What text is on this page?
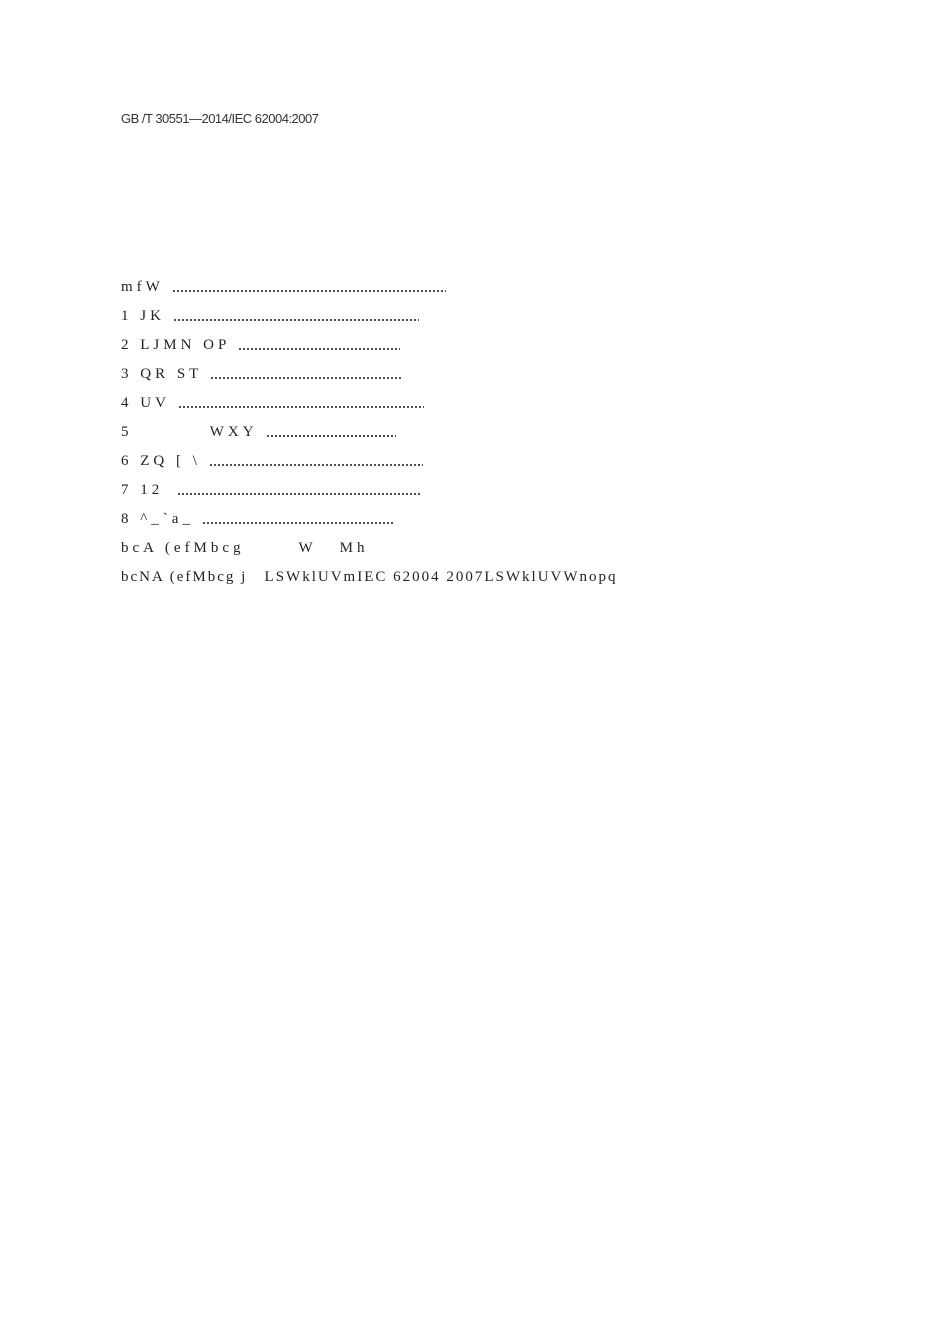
GB /T 30551—2014/IEC 62004:2007
mfW
1 JK
2 LJMN OP
3 QR ST
4 UV
5          WXY
6 ZQ [ \
7 12
8 ^_`a_
bcA (efMbcg       W   Mh
bcNA (efMbcg j   LSWklUVmIEC 62004 2007LSWklUVWnopq
